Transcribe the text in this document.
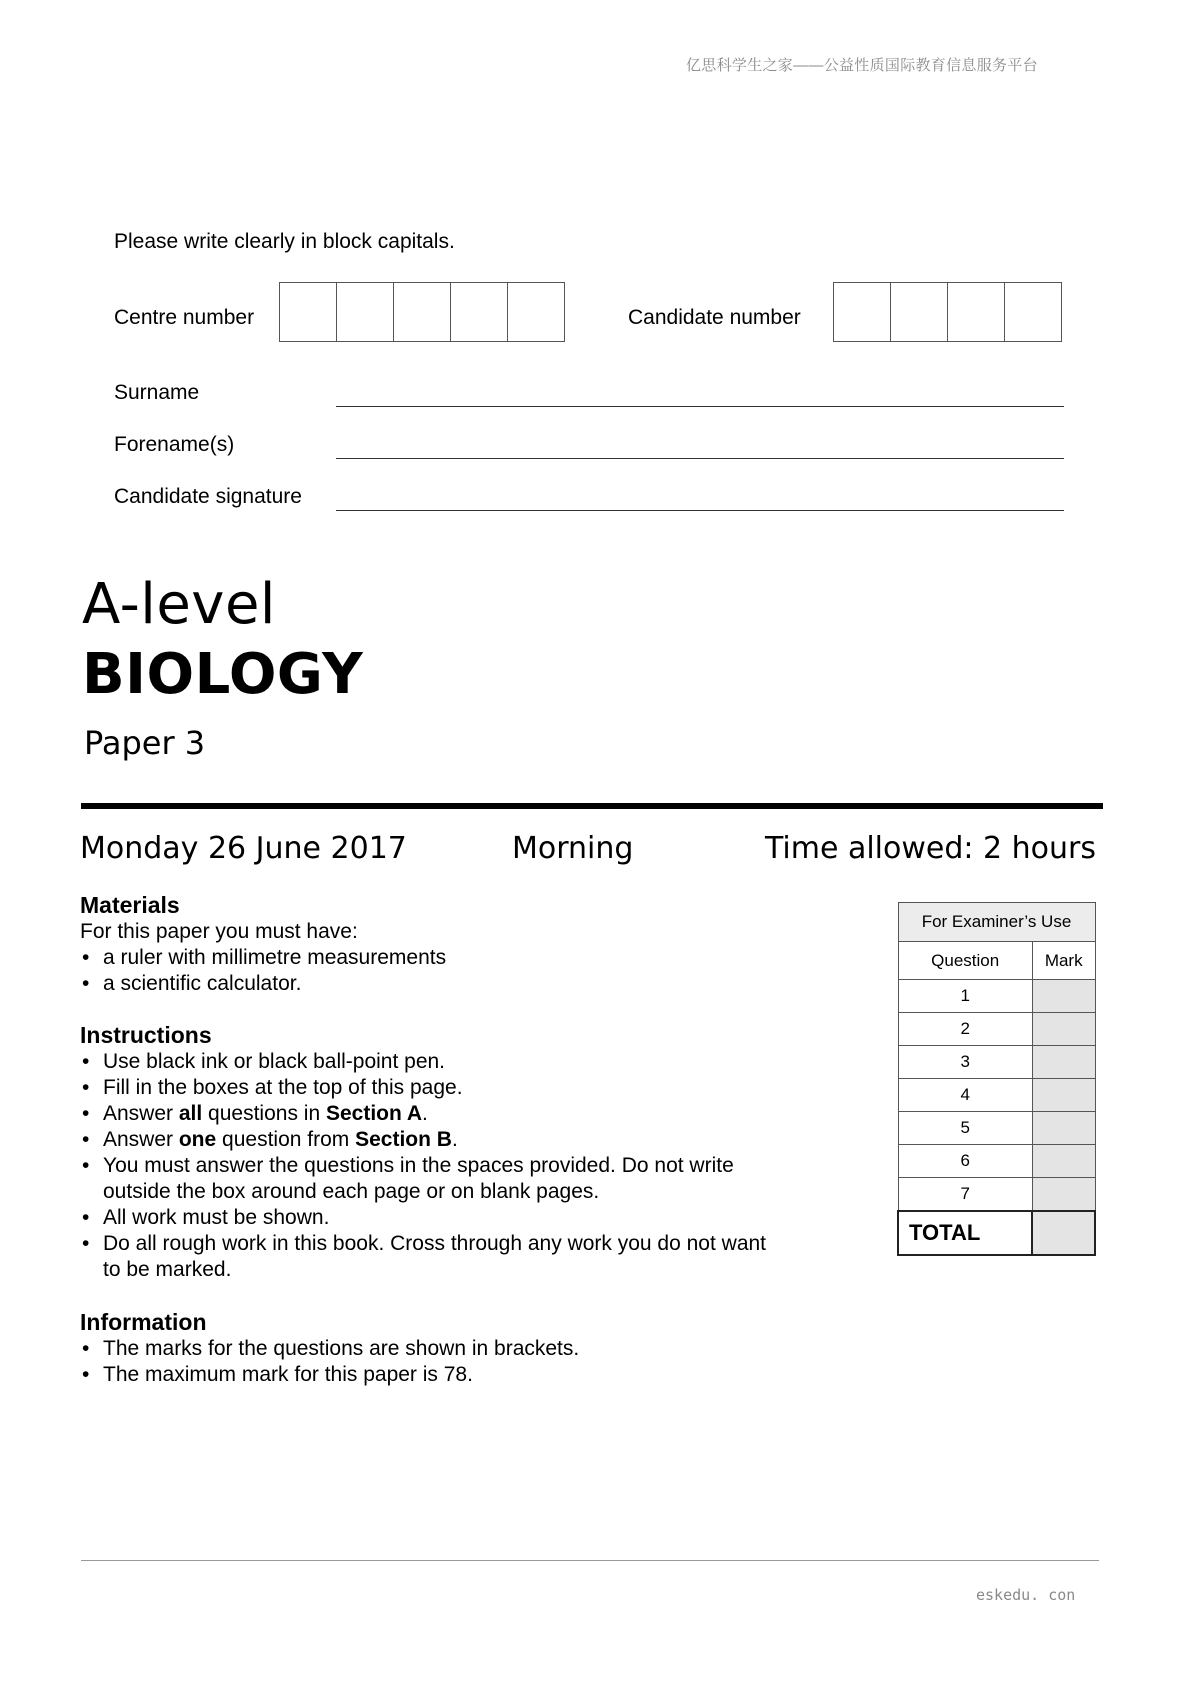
亿思科学生之家——公益性质国际教育信息服务平台
Please write clearly in block capitals.
Centre number	Candidate number
Surname
Forename(s)
Candidate signature
A-level
BIOLOGY
Paper 3
Monday 26 June 2017	Morning	Time allowed: 2 hours
Materials
For this paper you must have:
• a ruler with millimetre measurements
• a scientific calculator.
Instructions
• Use black ink or black ball-point pen.
• Fill in the boxes at the top of this page.
• Answer all questions in Section A.
• Answer one question from Section B.
• You must answer the questions in the spaces provided. Do not write
outside the box around each page or on blank pages.
• All work must be shown.
• Do all rough work in this book. Cross through any work you do not want
to be marked.
Information
• The marks for the questions are shown in brackets.
• The maximum mark for this paper is 78.
For Examiner’s Use	
Question	Mark
1	
2	
3	
4	
5	
6	
7	
TOTAL	
eskedu. con
